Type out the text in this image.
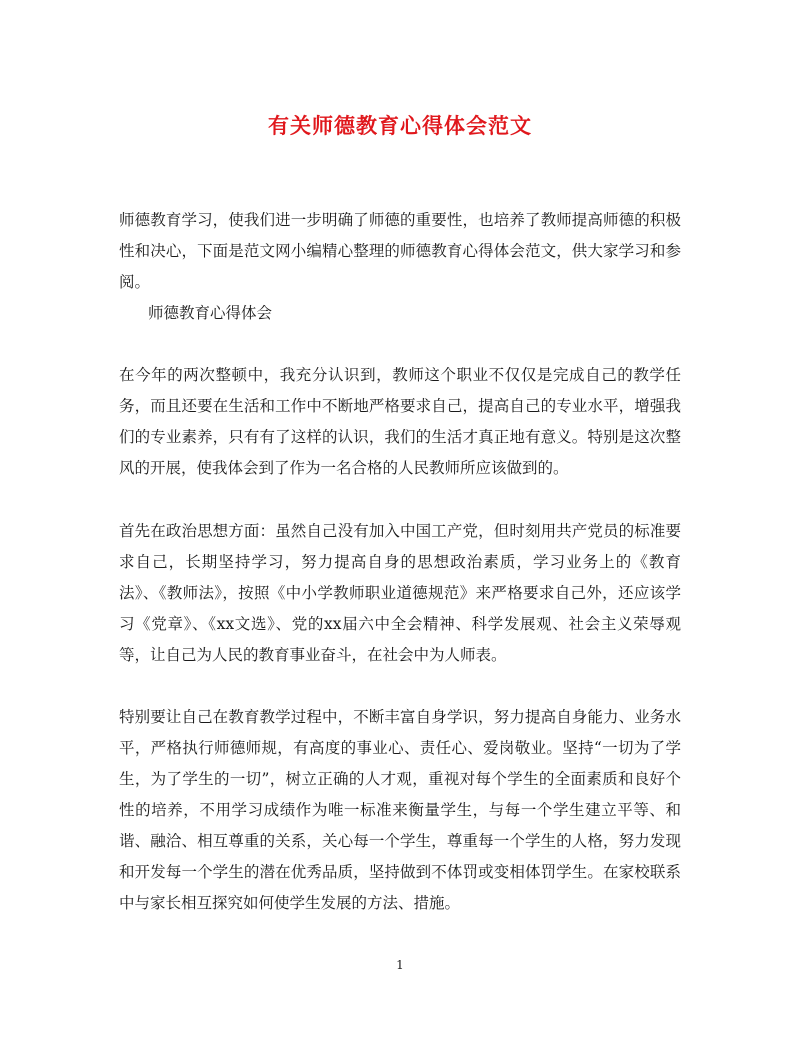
有关师德教育心得体会范文

师德教育学习，使我们进一步明确了师德的重要性，也培养了教师提高师德的积极性和决心，下面是范文网小编精心整理的师德教育心得体会范文，供大家学习和参阅。

师德教育心得体会

在今年的两次整顿中，我充分认识到，教师这个职业不仅仅是完成自己的教学任务，而且还要在生活和工作中不断地严格要求自己，提高自己的专业水平，增强我们的专业素养，只有有了这样的认识，我们的生活才真正地有意义。特别是这次整风的开展，使我体会到了作为一名合格的人民教师所应该做到的。

首先在政治思想方面：虽然自己没有加入中国工产党，但时刻用共产党员的标准要求自己，长期坚持学习，努力提高自身的思想政治素质，学习业务上的《教育法》、《教师法》，按照《中小学教师职业道德规范》来严格要求自己外，还应该学习《党章》、《xx文选》、党的xx届六中全会精神、科学发展观、社会主义荣辱观等，让自己为人民的教育事业奋斗，在社会中为人师表。

特别要让自己在教育教学过程中，不断丰富自身学识，努力提高自身能力、业务水平，严格执行师德师规，有高度的事业心、责任心、爱岗敬业。坚持“一切为了学生，为了学生的一切”，树立正确的人才观，重视对每个学生的全面素质和良好个性的培养，不用学习成绩作为唯一标准来衡量学生，与每一个学生建立平等、和谐、融洽、相互尊重的关系，关心每一个学生，尊重每一个学生的人格，努力发现和开发每一个学生的潜在优秀品质，坚持做到不体罚或变相体罚学生。在家校联系中与家长相互探究如何使学生发展的方法、措施。

1
